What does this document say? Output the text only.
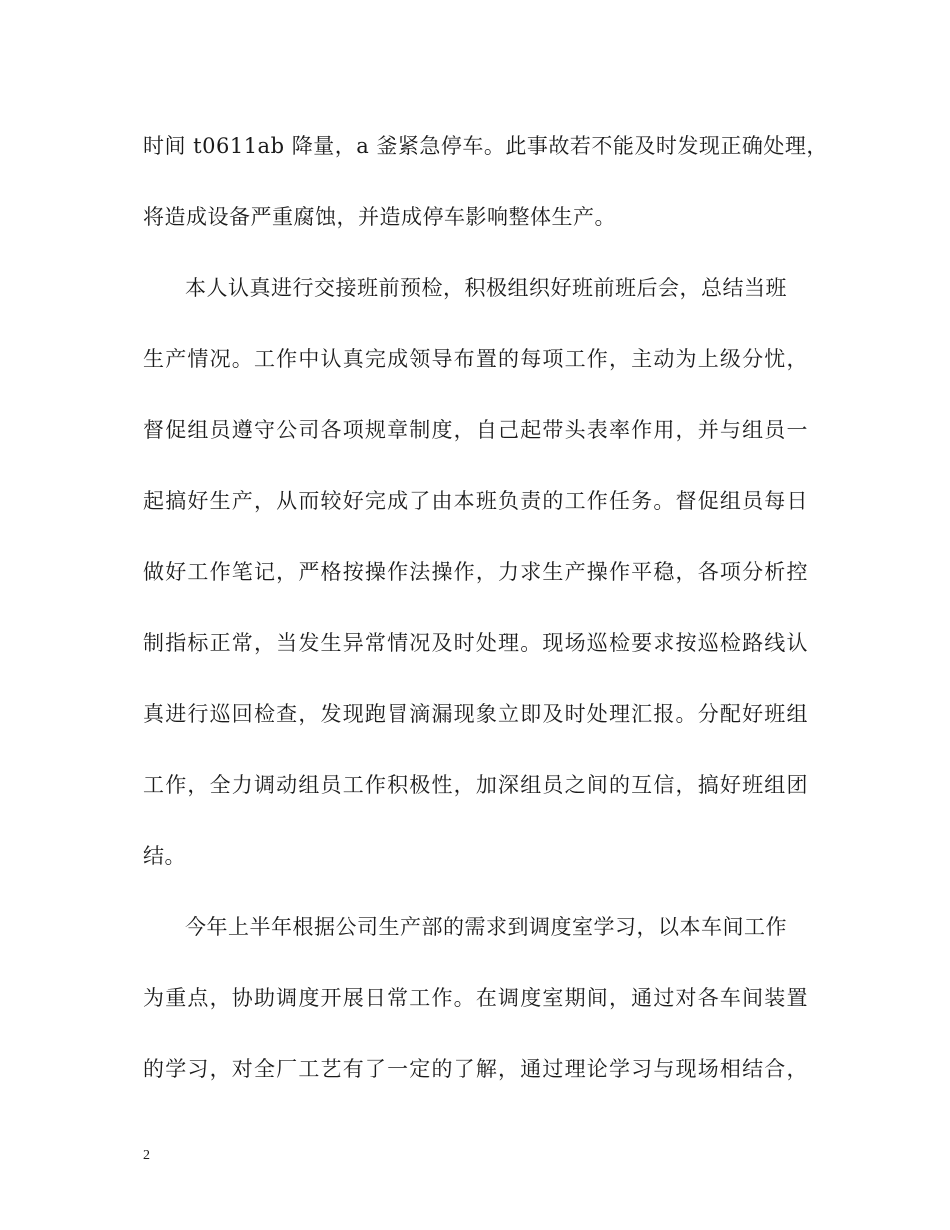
时间 t0611ab 降量，a 釜紧急停车。此事故若不能及时发现正确处理，
将造成设备严重腐蚀，并造成停车影响整体生产。
本人认真进行交接班前预检，积极组织好班前班后会，总结当班
生产情况。工作中认真完成领导布置的每项工作，主动为上级分忧，
督促组员遵守公司各项规章制度，自己起带头表率作用，并与组员一
起搞好生产，从而较好完成了由本班负责的工作任务。督促组员每日
做好工作笔记，严格按操作法操作，力求生产操作平稳，各项分析控
制指标正常，当发生异常情况及时处理。现场巡检要求按巡检路线认
真进行巡回检查，发现跑冒滴漏现象立即及时处理汇报。分配好班组
工作，全力调动组员工作积极性，加深组员之间的互信，搞好班组团
结。
今年上半年根据公司生产部的需求到调度室学习，以本车间工作
为重点，协助调度开展日常工作。在调度室期间，通过对各车间装置
的学习，对全厂工艺有了一定的了解，通过理论学习与现场相结合，
2
